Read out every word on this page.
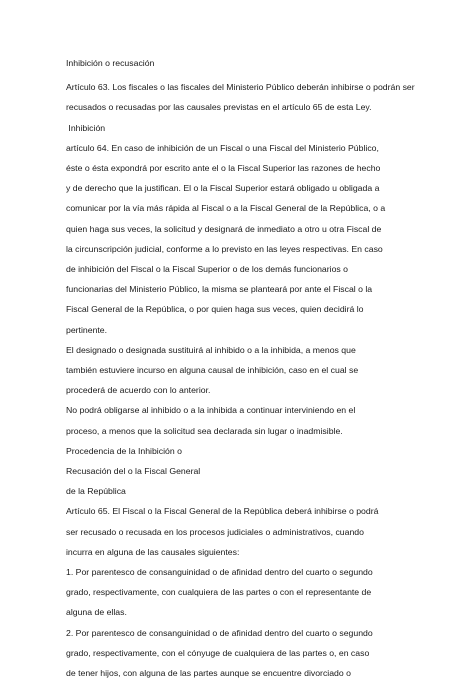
Inhibición o recusación
Artículo 63. Los fiscales o las fiscales del Ministerio Público deberán inhibirse o podrán ser
recusados o recusadas por las causales previstas en el artículo 65 de esta Ley.
Inhibición
artículo 64. En caso de inhibición de un Fiscal o una Fiscal del Ministerio Público,
éste o ésta expondrá por escrito ante el o la Fiscal Superior las razones de hecho
y de derecho que la justifican. El o la Fiscal Superior estará obligado u obligada a
comunicar por la vía más rápida al Fiscal o a la Fiscal General de la República, o a
quien haga sus veces, la solicitud y designará de inmediato a otro u otra Fiscal de
la circunscripción judicial, conforme a lo previsto en las leyes respectivas. En caso
de inhibición del Fiscal o la Fiscal Superior o de los demás funcionarios o
funcionarias del Ministerio Público, la misma se planteará por ante el Fiscal o la
Fiscal General de la República, o por quien haga sus veces, quien decidirá lo
pertinente.
El designado o designada sustituirá al inhibido o a la inhibida, a menos que
también estuviere incurso en alguna causal de inhibición, caso en el cual se
procederá de acuerdo con lo anterior.
No podrá obligarse al inhibido o a la inhibida a continuar interviniendo en el
proceso, a menos que la solicitud sea declarada sin lugar o inadmisible.
Procedencia de la Inhibición o
Recusación del o la Fiscal General
de la República
Artículo 65. El Fiscal o la Fiscal General de la República deberá inhibirse o podrá
ser recusado o recusada en los procesos judiciales o administrativos, cuando
incurra en alguna de las causales siguientes:
1. Por parentesco de consanguinidad o de afinidad dentro del cuarto o segundo
grado, respectivamente, con cualquiera de las partes o con el representante de
alguna de ellas.
2. Por parentesco de consanguinidad o de afinidad dentro del cuarto o segundo
grado, respectivamente, con el cónyuge de cualquiera de las partes o, en caso
de tener hijos, con alguna de las partes aunque se encuentre divorciado o
